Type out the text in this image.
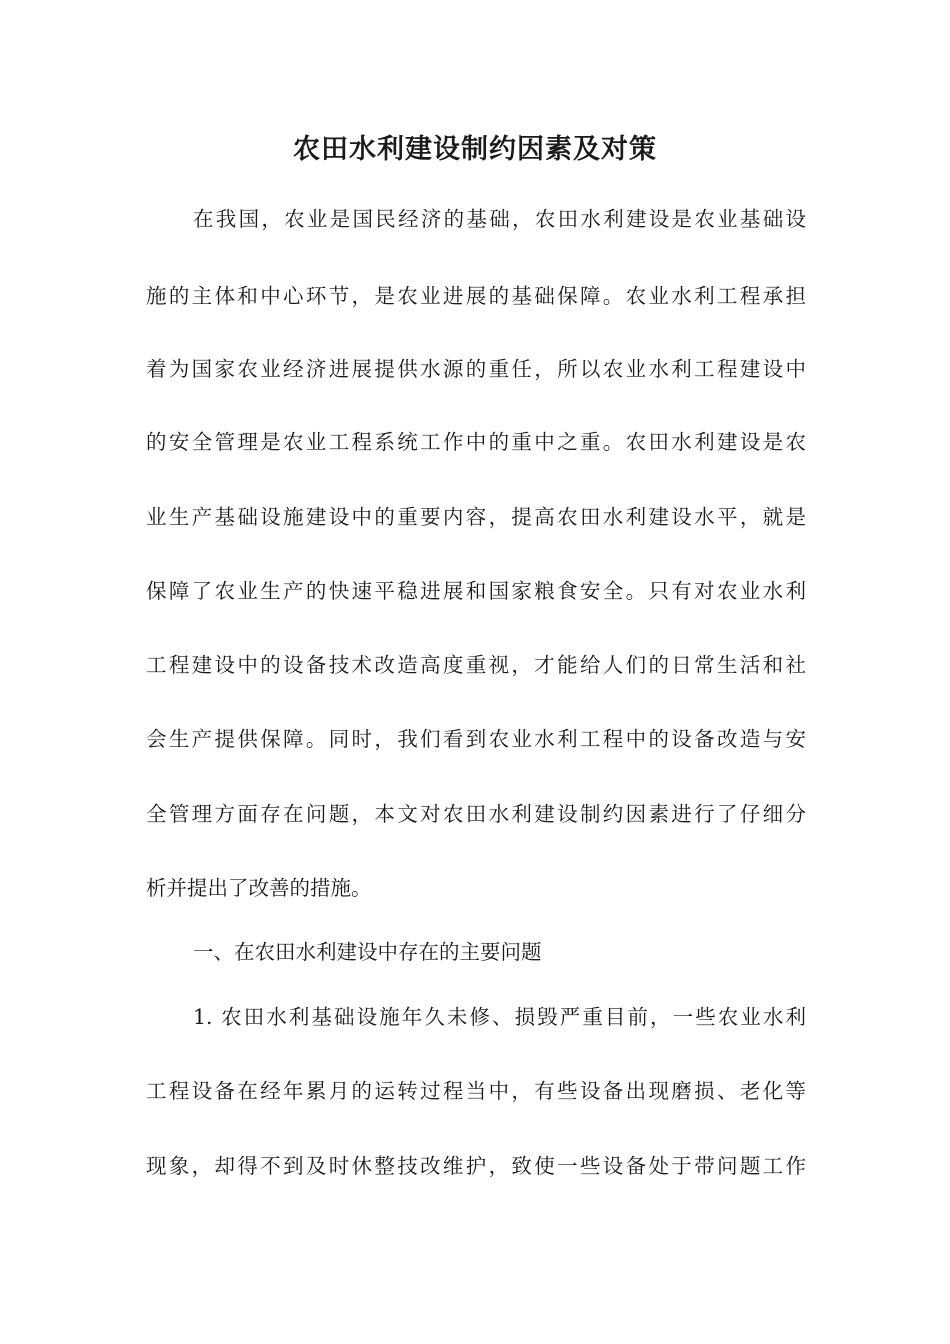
农田水利建设制约因素及对策
在我国，农业是国民经济的基础，农田水利建设是农业基础设
施的主体和中心环节，是农业进展的基础保障。农业水利工程承担
着为国家农业经济进展提供水源的重任，所以农业水利工程建设中
的安全管理是农业工程系统工作中的重中之重。农田水利建设是农
业生产基础设施建设中的重要内容，提高农田水利建设水平，就是
保障了农业生产的快速平稳进展和国家粮食安全。只有对农业水利
工程建设中的设备技术改造高度重视，才能给人们的日常生活和社
会生产提供保障。同时，我们看到农业水利工程中的设备改造与安
全管理方面存在问题，本文对农田水利建设制约因素进行了仔细分
析并提出了改善的措施。
一、在农田水利建设中存在的主要问题
1. 农田水利基础设施年久未修、损毁严重目前，一些农业水利
工程设备在经年累月的运转过程当中，有些设备出现磨损、老化等
现象，却得不到及时休整技改维护，致使一些设备处于带问题工作
